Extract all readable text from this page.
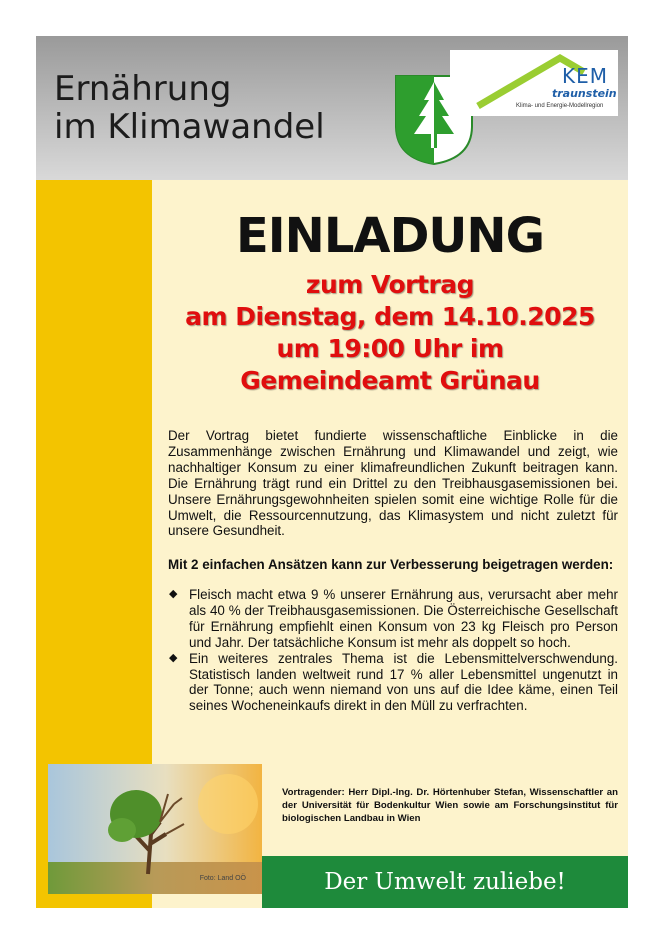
Ernährung
im Klimawandel
KEM
traunstein
Klima- und Energie-Modellregion
EINLADUNG
zum Vortrag
am Dienstag, dem 14.10.2025
um 19:00 Uhr im
Gemeindeamt Grünau
Der Vortrag bietet fundierte wissenschaftliche Einblicke in die Zusammenhänge zwischen Ernährung und Klimawandel und zeigt, wie nachhaltiger Konsum zu einer klimafreundlichen Zukunft beitragen kann. Die Ernährung trägt rund ein Drittel zu den Treibhausgasemissionen bei. Unsere Ernährungsgewohnheiten spielen somit eine wichtige Rolle für die Umwelt, die Ressourcennutzung, das Klimasystem und nicht zuletzt für unsere Gesundheit.
Mit 2 einfachen Ansätzen kann zur Verbesserung beigetragen werden:
◆ Fleisch macht etwa 9 % unserer Ernährung aus, verursacht aber mehr als 40 % der Treibhausgasemissionen. Die Österreichische Gesellschaft für Ernährung empfiehlt einen Konsum von 23 kg Fleisch pro Person und Jahr. Der tatsächliche Konsum ist mehr als doppelt so hoch.
◆ Ein weiteres zentrales Thema ist die Lebensmittelverschwendung. Statistisch landen weltweit rund 17 % aller Lebensmittel ungenutzt in der Tonne; auch wenn niemand von uns auf die Idee käme, einen Teil seines Wocheneinkaufs direkt in den Müll zu verfrachten.
Foto: Land OÖ
Vortragender: Herr Dipl.-Ing. Dr. Hörtenhuber Stefan, Wissenschaftler an der Universität für Bodenkultur Wien sowie am Forschungsinstitut für biologischen Landbau in Wien
Der Umwelt zuliebe!
